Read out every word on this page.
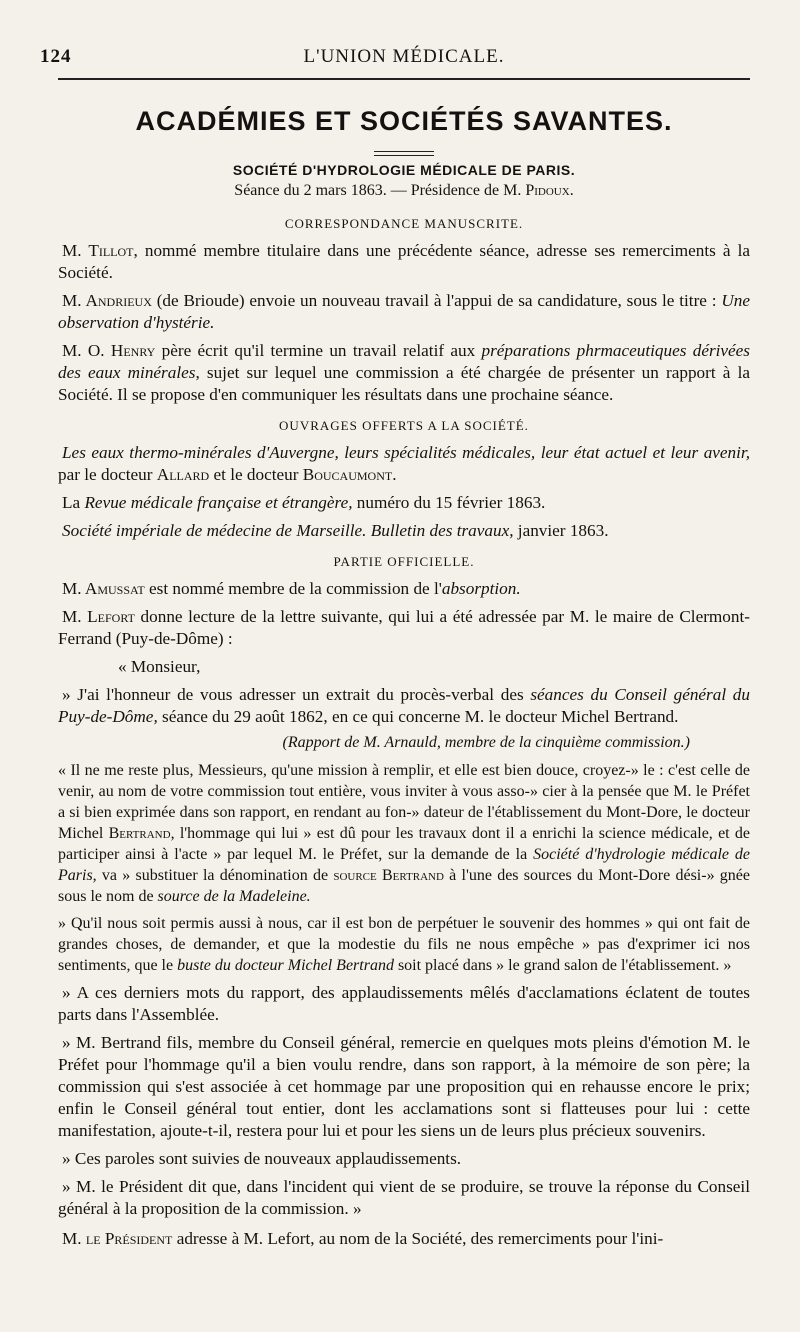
124	L'UNION MÉDICALE.
ACADÉMIES ET SOCIÉTÉS SAVANTES.
SOCIÉTÉ D'HYDROLOGIE MÉDICALE DE PARIS.
Séance du 2 mars 1863. — Présidence de M. Pidoux.
CORRESPONDANCE MANUSCRITE.

M. Tillot, nommé membre titulaire dans une précédente séance, adresse ses remerciments à la Société.

M. Andrieux (de Brioude) envoie un nouveau travail à l'appui de sa candidature, sous le titre : Une observation d'hystérie.

M. O. Henry père écrit qu'il termine un travail relatif aux préparations phrmaceutiques dérivées des eaux minérales, sujet sur lequel une commission a été chargée de présenter un rapport à la Société. Il se propose d'en communiquer les résultats dans une prochaine séance.

OUVRAGES OFFERTS A LA SOCIÉTÉ.

Les eaux thermo-minérales d'Auvergne, leurs spécialités médicales, leur état actuel et leur avenir, par le docteur Allard et le docteur Boucaumont.

La Revue médicale française et étrangère, numéro du 15 février 1863.

Société impériale de médecine de Marseille. Bulletin des travaux, janvier 1863.

PARTIE OFFICIELLE.

M. Amussat est nommé membre de la commission de l'absorption.

M. Lefort donne lecture de la lettre suivante, qui lui a été adressée par M. le maire de Clermont-Ferrand (Puy-de-Dôme) :

« Monsieur,

» J'ai l'honneur de vous adresser un extrait du procès-verbal des séances du Conseil général du Puy-de-Dôme, séance du 29 août 1862, en ce qui concerne M. le docteur Michel Bertrand.

(Rapport de M. Arnauld, membre de la cinquième commission.)

« Il ne me reste plus, Messieurs, qu'une mission à remplir, et elle est bien douce, croyez-» le : c'est celle de venir, au nom de votre commission tout entière, vous inviter à vous asso-» cier à la pensée que M. le Préfet a si bien exprimée dans son rapport, en rendant au fon-» dateur de l'établissement du Mont-Dore, le docteur Michel Bertrand, l'hommage qui lui » est dû pour les travaux dont il a enrichi la science médicale, et de participer ainsi à l'acte » par lequel M. le Préfet, sur la demande de la Société d'hydrologie médicale de Paris, va » substituer la dénomination de source Bertrand à l'une des sources du Mont-Dore dési-» gnée sous le nom de source de la Madeleine.

» Qu'il nous soit permis aussi à nous, car il est bon de perpétuer le souvenir des hommes » qui ont fait de grandes choses, de demander, et que la modestie du fils ne nous empêche » pas d'exprimer ici nos sentiments, que le buste du docteur Michel Bertrand soit placé dans » le grand salon de l'établissement. »

» A ces derniers mots du rapport, des applaudissements mêlés d'acclamations éclatent de toutes parts dans l'Assemblée.

» M. Bertrand fils, membre du Conseil général, remercie en quelques mots pleins d'émotion M. le Préfet pour l'hommage qu'il a bien voulu rendre, dans son rapport, à la mémoire de son père; la commission qui s'est associée à cet hommage par une proposition qui en rehausse encore le prix; enfin le Conseil général tout entier, dont les acclamations sont si flatteuses pour lui : cette manifestation, ajoute-t-il, restera pour lui et pour les siens un de leurs plus précieux souvenirs.

» Ces paroles sont suivies de nouveaux applaudissements.

» M. le Président dit que, dans l'incident qui vient de se produire, se trouve la réponse du Conseil général à la proposition de la commission. »

M. le Président adresse à M. Lefort, au nom de la Société, des remerciments pour l'ini-
